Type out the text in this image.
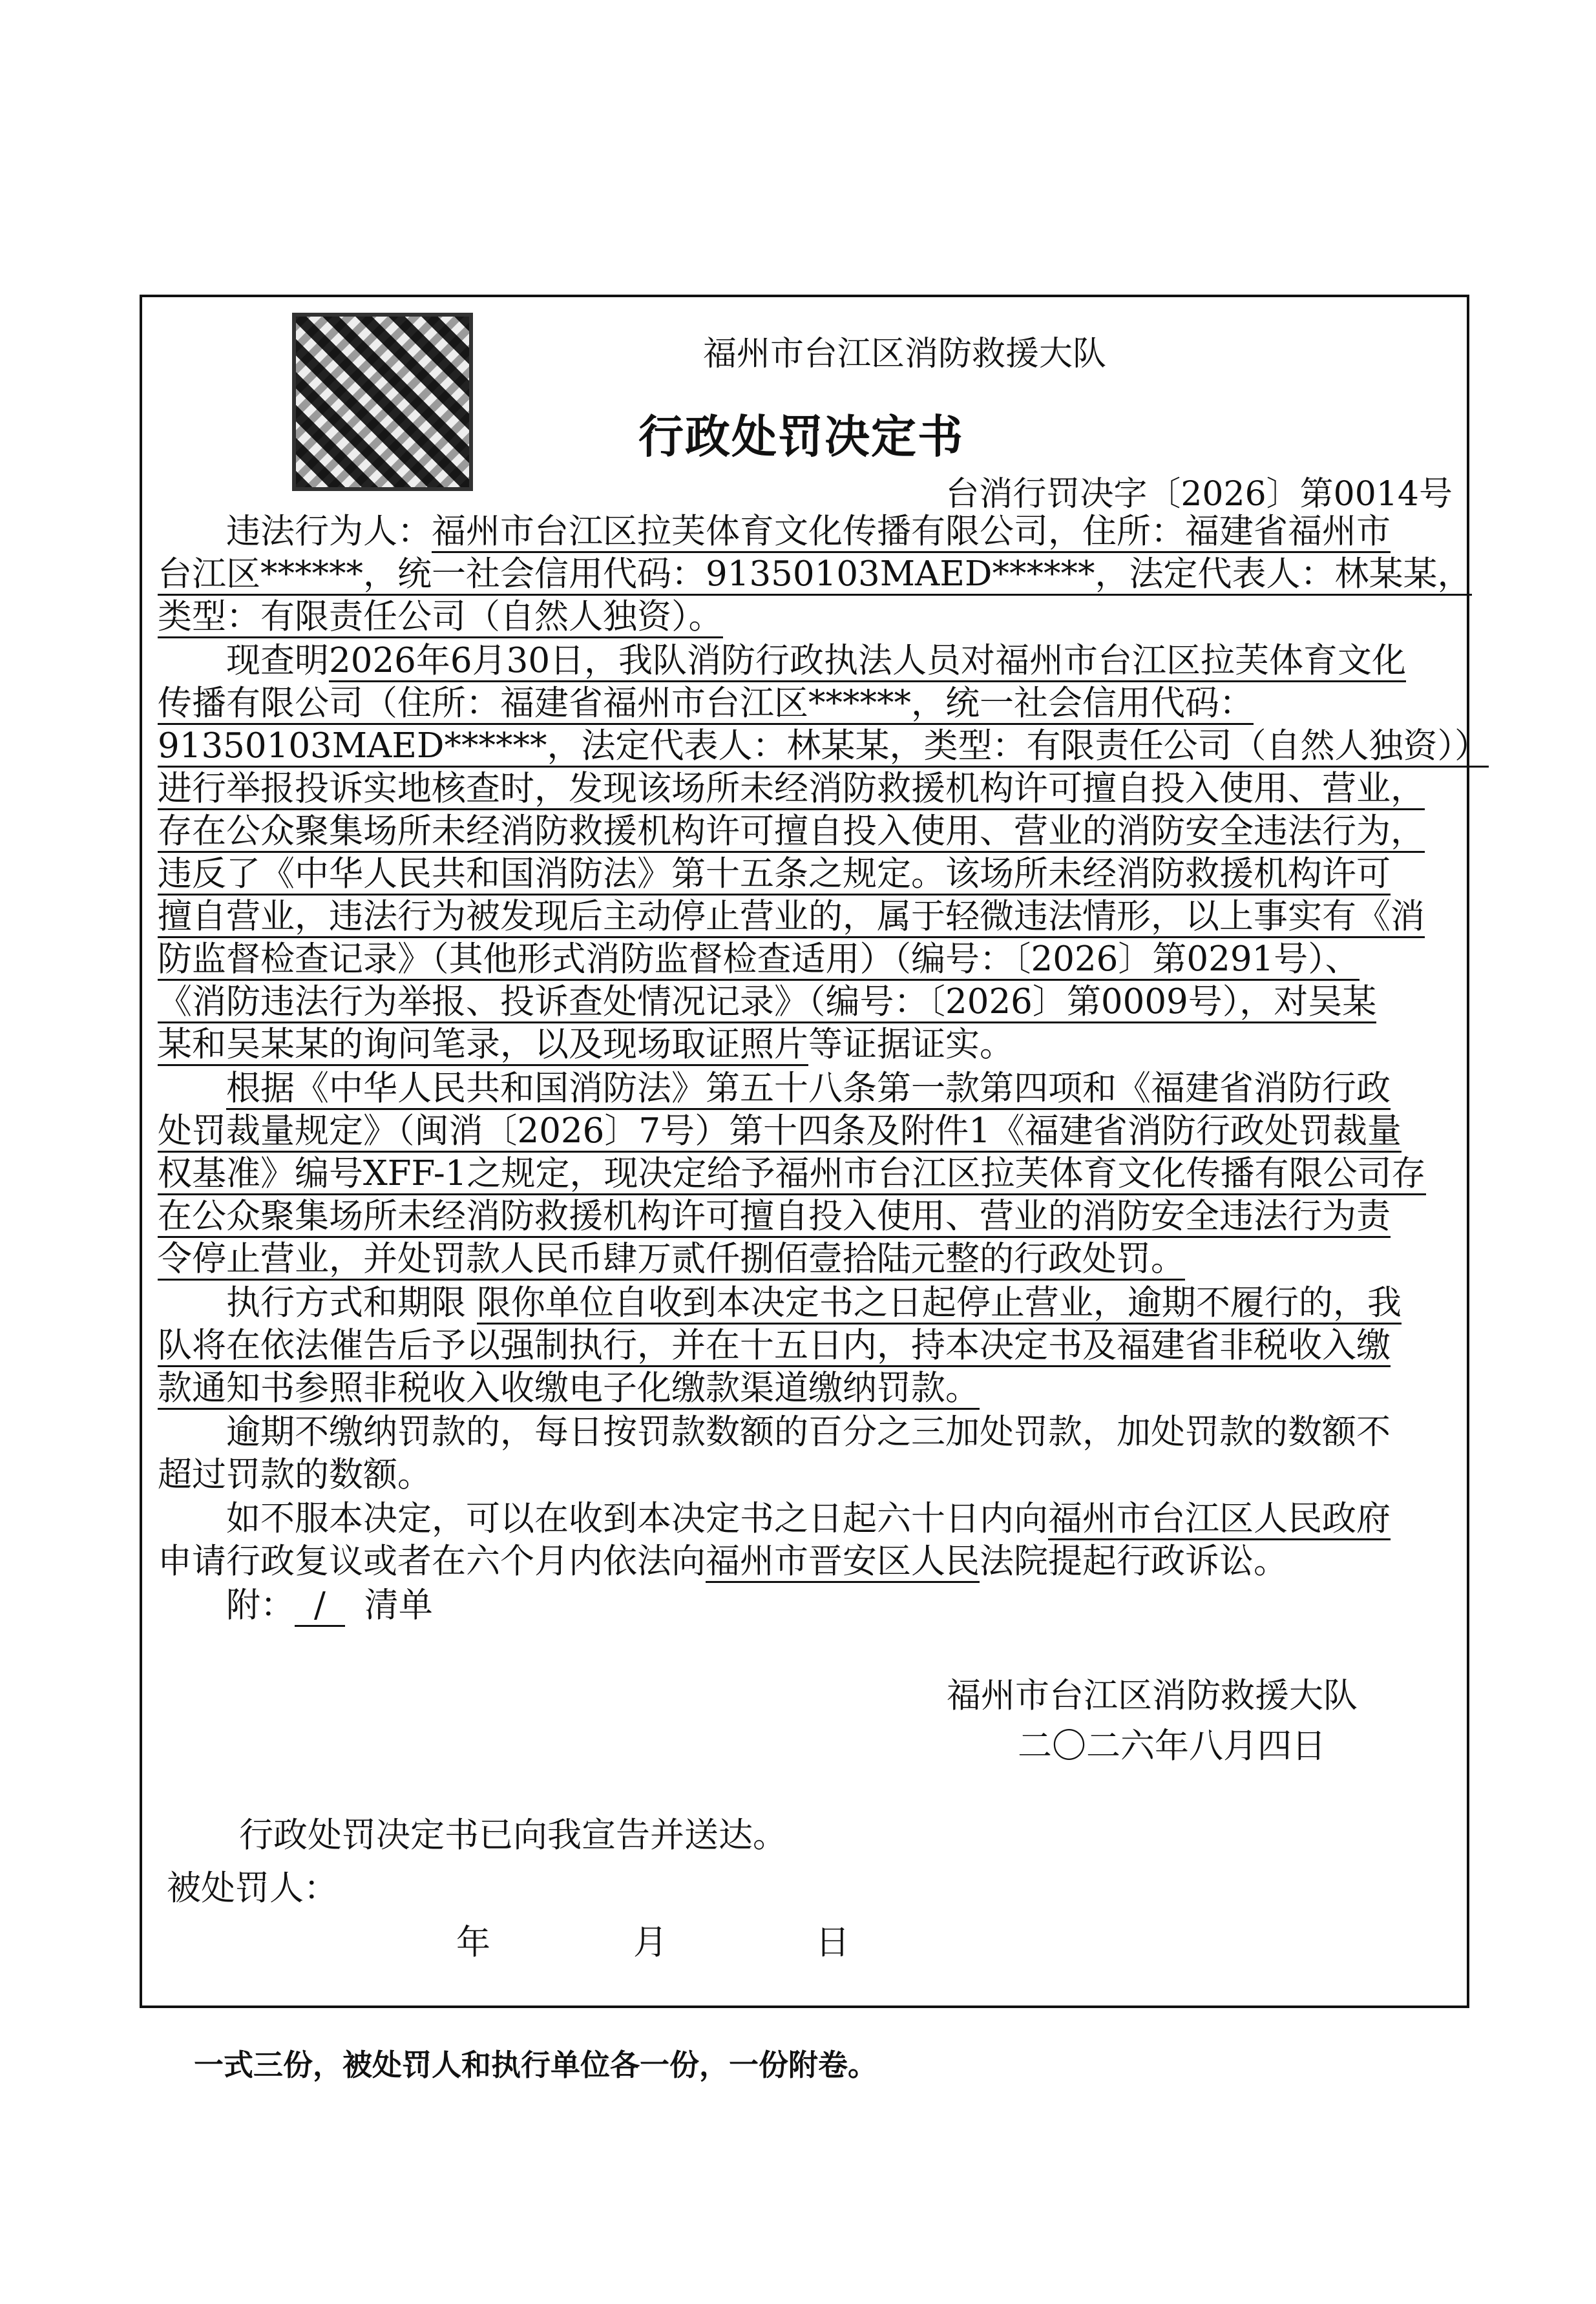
福州市台江区消防救援大队
行政处罚决定书
台消行罚决字〔2026〕第0014号
违法行为人：福州市台江区拉芙体育文化传播有限公司，住所：福建省福州市
台江区******，统一社会信用代码：91350103MAED******，法定代表人：林某某，
类型：有限责任公司（自然人独资）。
现查明2026年6月30日，我队消防行政执法人员对福州市台江区拉芙体育文化
传播有限公司（住所：福建省福州市台江区******，统一社会信用代码：
91350103MAED******，法定代表人：林某某，类型：有限责任公司（自然人独资））
进行举报投诉实地核查时，发现该场所未经消防救援机构许可擅自投入使用、营业，
存在公众聚集场所未经消防救援机构许可擅自投入使用、营业的消防安全违法行为，
违反了《中华人民共和国消防法》第十五条之规定。该场所未经消防救援机构许可
擅自营业，违法行为被发现后主动停止营业的，属于轻微违法情形，以上事实有《消
防监督检查记录》（其他形式消防监督检查适用）（编号：〔2026〕第0291号）、
《消防违法行为举报、投诉查处情况记录》（编号：〔2026〕第0009号），对吴某
某和吴某某的询问笔录，以及现场取证照片等证据证实。
根据《中华人民共和国消防法》第五十八条第一款第四项和《福建省消防行政
处罚裁量规定》（闽消〔2026〕7号）第十四条及附件1《福建省消防行政处罚裁量
权基准》编号XFF-1之规定，现决定给予福州市台江区拉芙体育文化传播有限公司存
在公众聚集场所未经消防救援机构许可擅自投入使用、营业的消防安全违法行为责
令停止营业，并处罚款人民币肆万贰仟捌佰壹拾陆元整的行政处罚。
执行方式和期限 限你单位自收到本决定书之日起停止营业，逾期不履行的，我
队将在依法催告后予以强制执行，并在十五日内，持本决定书及福建省非税收入缴
款通知书参照非税收入收缴电子化缴款渠道缴纳罚款。
逾期不缴纳罚款的，每日按罚款数额的百分之三加处罚款，加处罚款的数额不
超过罚款的数额。
如不服本决定，可以在收到本决定书之日起六十日内向福州市台江区人民政府
申请行政复议或者在六个月内依法向福州市晋安区人民法院提起行政诉讼。
附： / 清单
福州市台江区消防救援大队
二〇二六年八月四日
行政处罚决定书已向我宣告并送达。
被处罚人：
年	月	日
一式三份，被处罚人和执行单位各一份，一份附卷。
